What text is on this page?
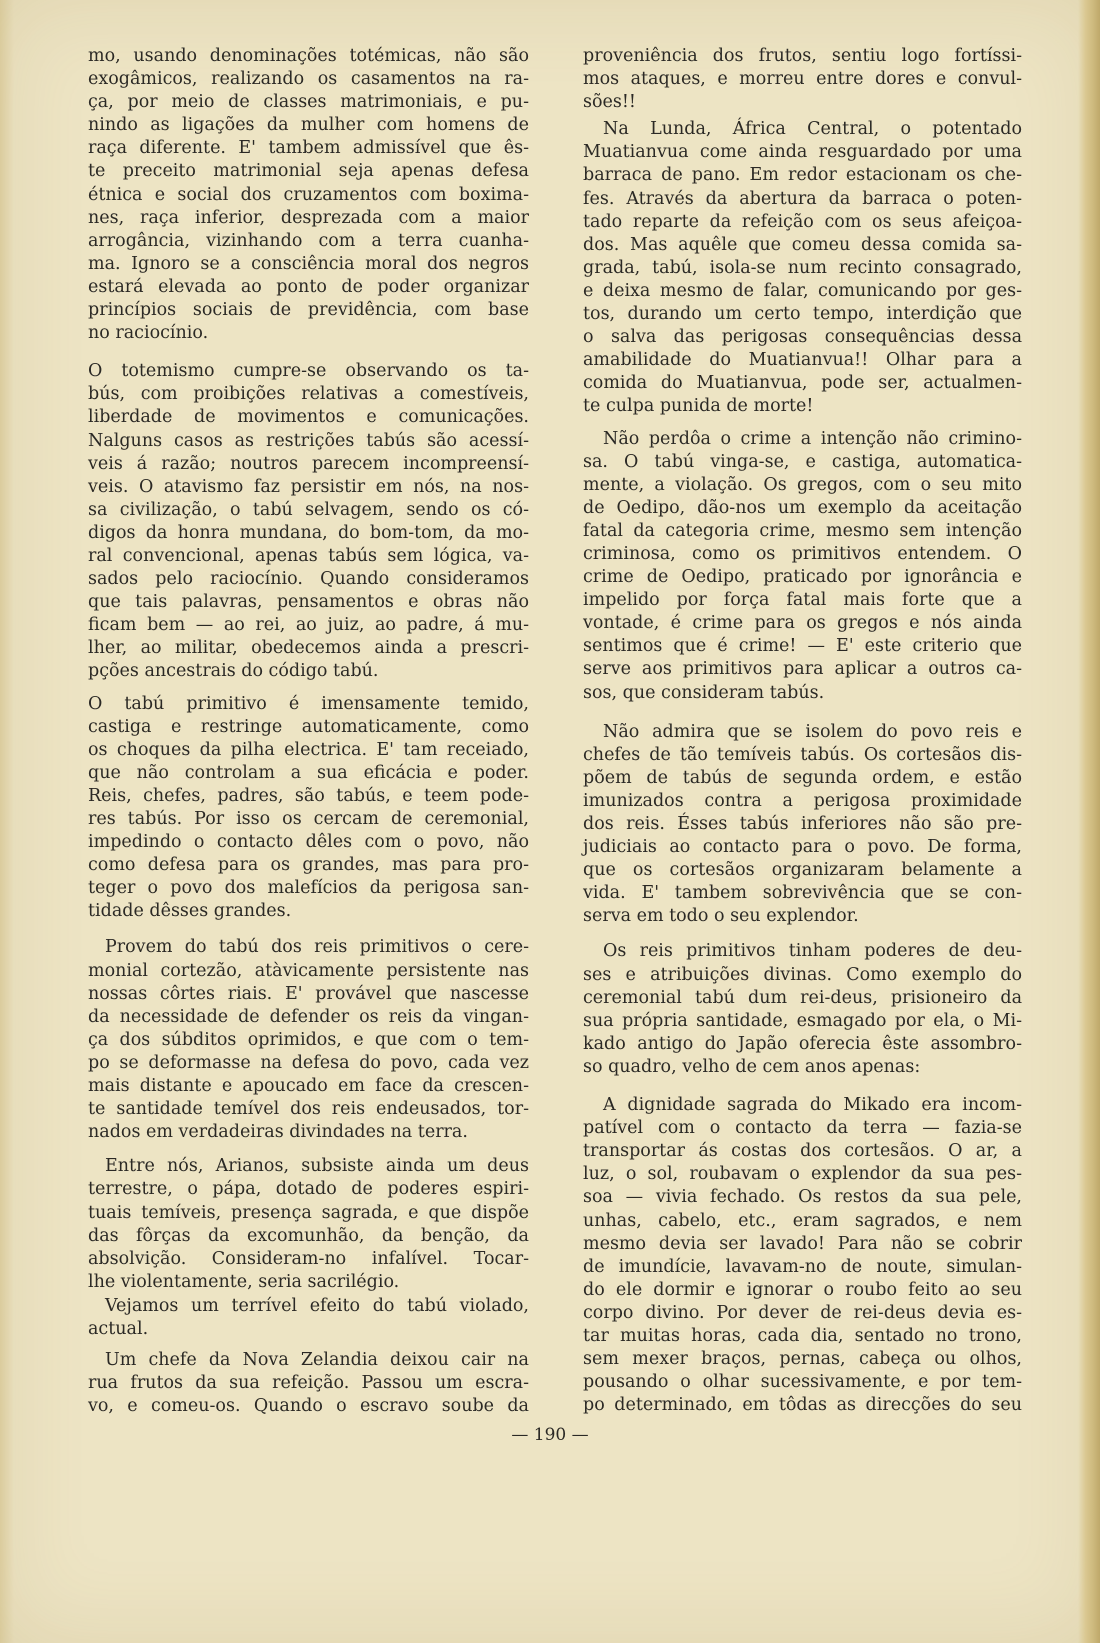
mo, usando denominações totémicas, não são
exogâmicos, realizando os casamentos na ra-
ça, por meio de classes matrimoniais, e pu-
nindo as ligações da mulher com homens de
raça diferente. E' tambem admissível que ês-
te preceito matrimonial seja apenas defesa
étnica e social dos cruzamentos com boxima-
nes, raça inferior, desprezada com a maior
arrogância, vizinhando com a terra cuanha-
ma. Ignoro se a consciência moral dos negros
estará elevada ao ponto de poder organizar
princípios sociais de previdência, com base
no raciocínio.
O totemismo cumpre-se observando os ta-
bús, com proibições relativas a comestíveis,
liberdade de movimentos e comunicações.
Nalguns casos as restrições tabús são acessí-
veis á razão; noutros parecem incompreensí-
veis. O atavismo faz persistir em nós, na nos-
sa civilização, o tabú selvagem, sendo os có-
digos da honra mundana, do bom-tom, da mo-
ral convencional, apenas tabús sem lógica, va-
sados pelo raciocínio. Quando consideramos
que tais palavras, pensamentos e obras não
ficam bem — ao rei, ao juiz, ao padre, á mu-
lher, ao militar, obedecemos ainda a prescri-
pções ancestrais do código tabú.
O tabú primitivo é imensamente temido,
castiga e restringe automaticamente, como
os choques da pilha electrica. E' tam receiado,
que não controlam a sua eficácia e poder.
Reis, chefes, padres, são tabús, e teem pode-
res tabús. Por isso os cercam de ceremonial,
impedindo o contacto dêles com o povo, não
como defesa para os grandes, mas para pro-
teger o povo dos malefícios da perigosa san-
tidade dêsses grandes.
Provem do tabú dos reis primitivos o cere-
monial cortezão, atàvicamente persistente nas
nossas côrtes riais. E' provável que nascesse
da necessidade de defender os reis da vingan-
ça dos súbditos oprimidos, e que com o tem-
po se deformasse na defesa do povo, cada vez
mais distante e apoucado em face da crescen-
te santidade temível dos reis endeusados, tor-
nados em verdadeiras divindades na terra.
Entre nós, Arianos, subsiste ainda um deus
terrestre, o pápa, dotado de poderes espiri-
tuais temíveis, presença sagrada, e que dispõe
das fôrças da excomunhão, da benção, da
absolvição. Consideram-no infalível. Tocar-
lhe violentamente, seria sacrilégio.
Vejamos um terrível efeito do tabú violado,
actual.
Um chefe da Nova Zelandia deixou cair na
rua frutos da sua refeição. Passou um escra-
vo, e comeu-os. Quando o escravo soube da
proveniência dos frutos, sentiu logo fortíssi-
mos ataques, e morreu entre dores e convul-
sões!!
Na Lunda, África Central, o potentado
Muatianvua come ainda resguardado por uma
barraca de pano. Em redor estacionam os che-
fes. Através da abertura da barraca o poten-
tado reparte da refeição com os seus afeiçoa-
dos. Mas aquêle que comeu dessa comida sa-
grada, tabú, isola-se num recinto consagrado,
e deixa mesmo de falar, comunicando por ges-
tos, durando um certo tempo, interdição que
o salva das perigosas consequências dessa
amabilidade do Muatianvua!! Olhar para a
comida do Muatianvua, pode ser, actualmen-
te culpa punida de morte!
Não perdôa o crime a intenção não crimino-
sa. O tabú vinga-se, e castiga, automatica-
mente, a violação. Os gregos, com o seu mito
de Oedipo, dão-nos um exemplo da aceitação
fatal da categoria crime, mesmo sem intenção
criminosa, como os primitivos entendem. O
crime de Oedipo, praticado por ignorância e
impelido por força fatal mais forte que a
vontade, é crime para os gregos e nós ainda
sentimos que é crime! — E' este criterio que
serve aos primitivos para aplicar a outros ca-
sos, que consideram tabús.
Não admira que se isolem do povo reis e
chefes de tão temíveis tabús. Os cortesãos dis-
põem de tabús de segunda ordem, e estão
imunizados contra a perigosa proximidade
dos reis. Ésses tabús inferiores não são pre-
judiciais ao contacto para o povo. De forma,
que os cortesãos organizaram belamente a
vida. E' tambem sobrevivência que se con-
serva em todo o seu explendor.
Os reis primitivos tinham poderes de deu-
ses e atribuições divinas. Como exemplo do
ceremonial tabú dum rei-deus, prisioneiro da
sua própria santidade, esmagado por ela, o Mi-
kado antigo do Japão oferecia êste assombro-
so quadro, velho de cem anos apenas:
A dignidade sagrada do Mikado era incom-
patível com o contacto da terra — fazia-se
transportar ás costas dos cortesãos. O ar, a
luz, o sol, roubavam o explendor da sua pes-
soa — vivia fechado. Os restos da sua pele,
unhas, cabelo, etc., eram sagrados, e nem
mesmo devia ser lavado! Para não se cobrir
de imundície, lavavam-no de noute, simulan-
do ele dormir e ignorar o roubo feito ao seu
corpo divino. Por dever de rei-deus devia es-
tar muitas horas, cada dia, sentado no trono,
sem mexer braços, pernas, cabeça ou olhos,
pousando o olhar sucessivamente, e por tem-
po determinado, em tôdas as direcções do seu
— 190 —
